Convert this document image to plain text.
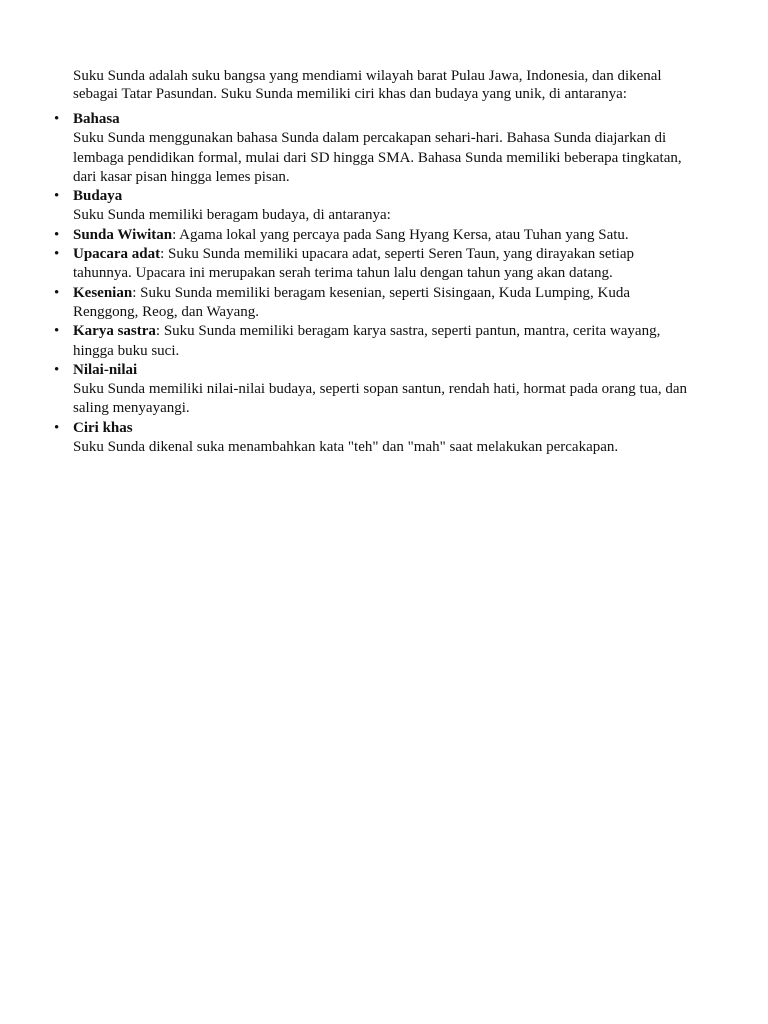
Suku Sunda adalah suku bangsa yang mendiami wilayah barat Pulau Jawa, Indonesia, dan dikenal sebagai Tatar Pasundan. Suku Sunda memiliki ciri khas dan budaya yang unik, di antaranya:

• Bahasa
Suku Sunda menggunakan bahasa Sunda dalam percakapan sehari-hari. Bahasa Sunda diajarkan di lembaga pendidikan formal, mulai dari SD hingga SMA. Bahasa Sunda memiliki beberapa tingkatan, dari kasar pisan hingga lemes pisan.
• Budaya
Suku Sunda memiliki beragam budaya, di antaranya:
• Sunda Wiwitan: Agama lokal yang percaya pada Sang Hyang Kersa, atau Tuhan yang Satu.
• Upacara adat: Suku Sunda memiliki upacara adat, seperti Seren Taun, yang dirayakan setiap tahunnya. Upacara ini merupakan serah terima tahun lalu dengan tahun yang akan datang.
• Kesenian: Suku Sunda memiliki beragam kesenian, seperti Sisingaan, Kuda Lumping, Kuda Renggong, Reog, dan Wayang.
• Karya sastra: Suku Sunda memiliki beragam karya sastra, seperti pantun, mantra, cerita wayang, hingga buku suci.
• Nilai-nilai
Suku Sunda memiliki nilai-nilai budaya, seperti sopan santun, rendah hati, hormat pada orang tua, dan saling menyayangi.
• Ciri khas
Suku Sunda dikenal suka menambahkan kata "teh" dan "mah" saat melakukan percakapan.
